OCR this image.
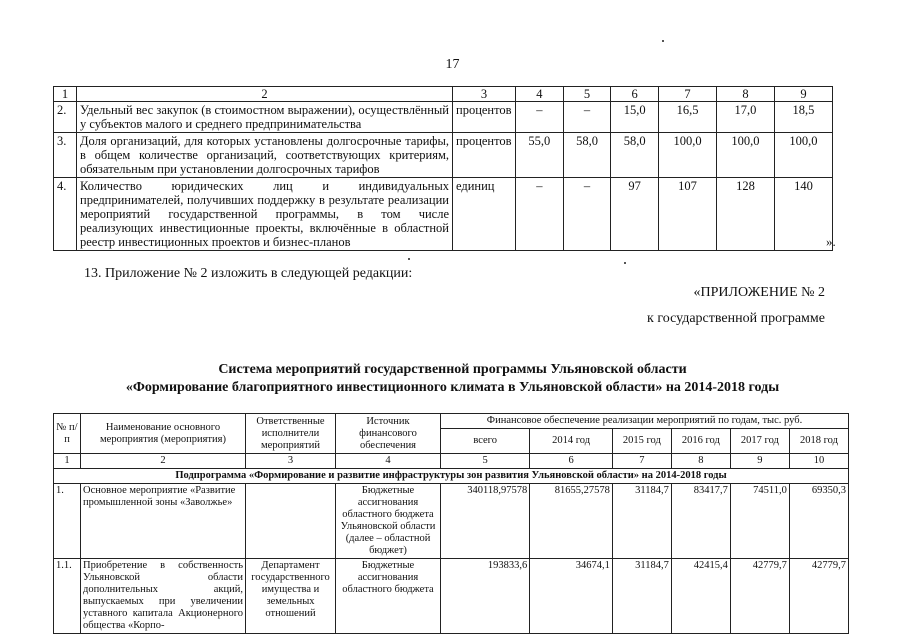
17
1	2	3	4	5	6	7	8	9
2.	Удельный вес закупок (в стоимостном выражении), осуществлённый у субъектов малого и среднего предпринимательства	процентов	–	–	15,0	16,5	17,0	18,5
3.	Доля организаций, для которых установлены долгосрочные тарифы, в общем количестве организаций, соответствующих критериям, обязательным при установлении долгосрочных тарифов	процентов	55,0	58,0	58,0	100,0	100,0	100,0
4.	Количество юридических лиц и индивидуальных предпринимателей, получивших поддержку в результате реализации мероприятий государственной программы, в том числе реализующих инвестиционные проекты, включённые в областной реестр инвестиционных проектов и бизнес-планов	единиц	–	–	97	107	128	140
».
13. Приложение № 2 изложить в следующей редакции:
«ПРИЛОЖЕНИЕ № 2
к государственной программе
Система мероприятий государственной программы Ульяновской области
«Формирование благоприятного инвестиционного климата в Ульяновской области» на 2014-2018 годы
№ п/п	Наименование основного мероприятия (мероприятия)	Ответственные исполнители мероприятий	Источник финансового обеспечения	Финансовое обеспечение реализации мероприятий по годам, тыс. руб.					
				всего	2014 год	2015 год	2016 год	2017 год	2018 год
1	2	3	4	5	6	7	8	9	10
Подпрограмма «Формирование и развитие инфраструктуры зон развития Ульяновской области» на 2014-2018 годы									
1.	Основное мероприятие «Развитие промышленной зоны «Заволжье»		Бюджетные ассигнования областного бюджета Ульяновской области (далее – областной бюджет)	340118,97578	81655,27578	31184,7	83417,7	74511,0	69350,3
1.1.	Приобретение в собственность Ульяновской области дополнительных акций, выпускаемых при увеличении уставного капитала Акционерного общества «Корпо-	Департамент государственного имущества и земельных отношений	Бюджетные ассигнования областного бюджета	193833,6	34674,1	31184,7	42415,4	42779,7	42779,7
